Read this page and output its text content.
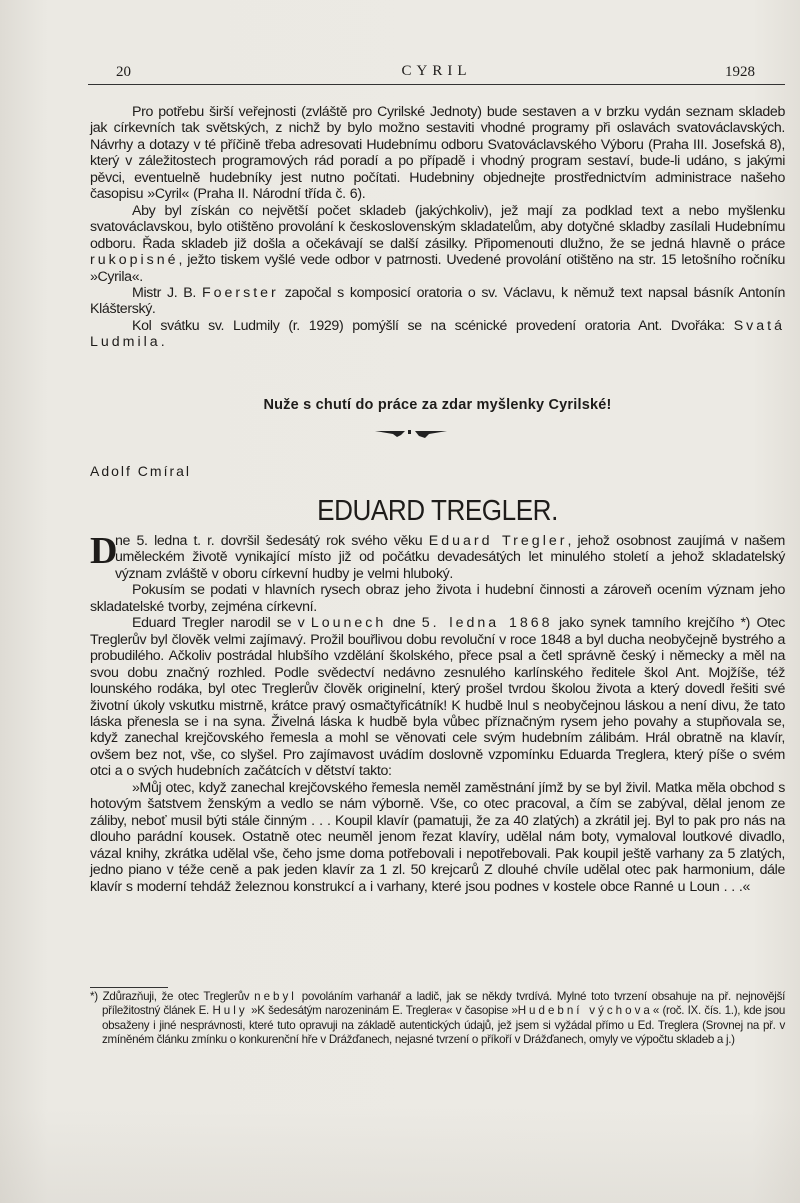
20	CYRIL	1928

Pro potřebu širší veřejnosti (zvláště pro Cyrilské Jednoty) bude sestaven a v brzku vydán seznam skladeb jak církevních tak světských, z nichž by bylo možno sestaviti vhodné programy při oslavách svatováclavských. Návrhy a dotazy v té příčině třeba adresovati Hudebnímu odboru Svatováclavského Výboru (Praha III. Josefská 8), který v záležitostech programových rád poradí a po případě i vhodný program sestaví, bude-li udáno, s jakými pěvci, eventuelně hudebníky jest nutno počítati. Hudebniny objednejte prostřednictvím administrace našeho časopisu »Cyril« (Praha II. Národní třída č. 6).

Aby byl získán co největší počet skladeb (jakýchkoliv), jež mají za podklad text a nebo myšlenku svatováclavskou, bylo otištěno provolání k československým skladatelům, aby dotyčné skladby zasílali Hudebnímu odboru. Řada skladeb již došla a očekávají se další zásilky. Připomenouti dlužno, že se jedná hlavně o práce rukopisné, ježto tiskem vyšlé vede odbor v patrnosti. Uvedené provolání otištěno na str. 15 letošního ročníku »Cyrila«.

Mistr J. B. Foerster započal s komposicí oratoria o sv. Václavu, k němuž text napsal básník Antonín Klášterský.

Kol svátku sv. Ludmily (r. 1929) pomýšlí se na scénické provedení oratoria Ant. Dvořáka: Svatá Ludmila.

Nuže s chutí do práce za zdar myšlenky Cyrilské!
Adolf Cmíral
EDUARD TREGLER.

D
ne 5. ledna t. r. dovršil šedesátý rok svého věku Eduard Tregler, jehož osobnost zaujímá v našem uměleckém životě vynikající místo již od počátku devadesátých let minulého století a jehož skladatelský význam zvláště v oboru církevní hudby je velmi hluboký.

Pokusím se podati v hlavních rysech obraz jeho života i hudební činnosti a zároveň ocením význam jeho skladatelské tvorby, zejména církevní.

Eduard Tregler narodil se v Lounech dne 5. ledna 1868 jako synek tamního krejčího *) Otec Treglerův byl člověk velmi zajímavý. Prožil bouřlivou dobu revoluční v roce 1848 a byl ducha neobyčejně bystrého a probudilého. Ačkoliv postrádal hlubšího vzdělání školského, přece psal a četl správně český i německy a měl na svou dobu značný rozhled. Podle svědectví nedávno zesnulého karlínského ředitele škol Ant. Mojžíše, též lounského rodáka, byl otec Treglerův člověk originelní, který prošel tvrdou školou života a který dovedl řešiti své životní úkoly vskutku mistrně, krátce pravý osmačtyřicátník! K hudbě lnul s neobyčejnou láskou a není divu, že tato láska přenesla se i na syna. Živelná láska k hudbě byla vůbec příznačným rysem jeho povahy a stupňovala se, když zanechal krejčovského řemesla a mohl se věnovati cele svým hudebním zálibám. Hrál obratně na klavír, ovšem bez not, vše, co slyšel. Pro zajímavost uvádím doslovně vzpomínku Eduarda Treglera, který píše o svém otci a o svých hudebních začátcích v dětství takto:

»Můj otec, když zanechal krejčovského řemesla neměl zaměstnání jímž by se byl živil. Matka měla obchod s hotovým šatstvem ženským a vedlo se nám výborně. Vše, co otec pracoval, a čím se zabýval, dělal jenom ze záliby, neboť musil býti stále činným . . . Koupil klavír (pamatuji, že za 40 zlatých) a zkrátil jej. Byl to pak pro nás na dlouho parádní kousek. Ostatně otec neuměl jenom řezat klavíry, udělal nám boty, vymaloval loutkové divadlo, vázal knihy, zkrátka udělal vše, čeho jsme doma potřebovali i nepotřebovali. Pak koupil ještě varhany za 5 zlatých, jedno piano v téže ceně a pak jeden klavír za 1 zl. 50 krejcarů Z dlouhé chvíle udělal otec pak harmonium, dále klavír s moderní tehdáž železnou konstrukcí a i varhany, které jsou podnes v kostele obce Ranné u Loun . . .«

*) Zdůrazňuji, že otec Treglerův nebyl povoláním varhanář a ladič, jak se někdy tvrdívá. Mylné toto tvrzení obsahuje na př. nejnovější příležitostný článek E. Huly »K šedesátým narozeninám E. Treglera« v časopise »Hudební výchova« (roč. IX. čís. 1.), kde jsou obsaženy i jiné nesprávnosti, které tuto opravuji na základě autentických údajů, jež jsem si vyžádal přímo u Ed. Treglera (Srovnej na př. v zmíněném článku zmínku o konkurenční hře v Drážďanech, nejasné tvrzení o příkoří v Drážďanech, omyly ve výpočtu skladeb a j.)
